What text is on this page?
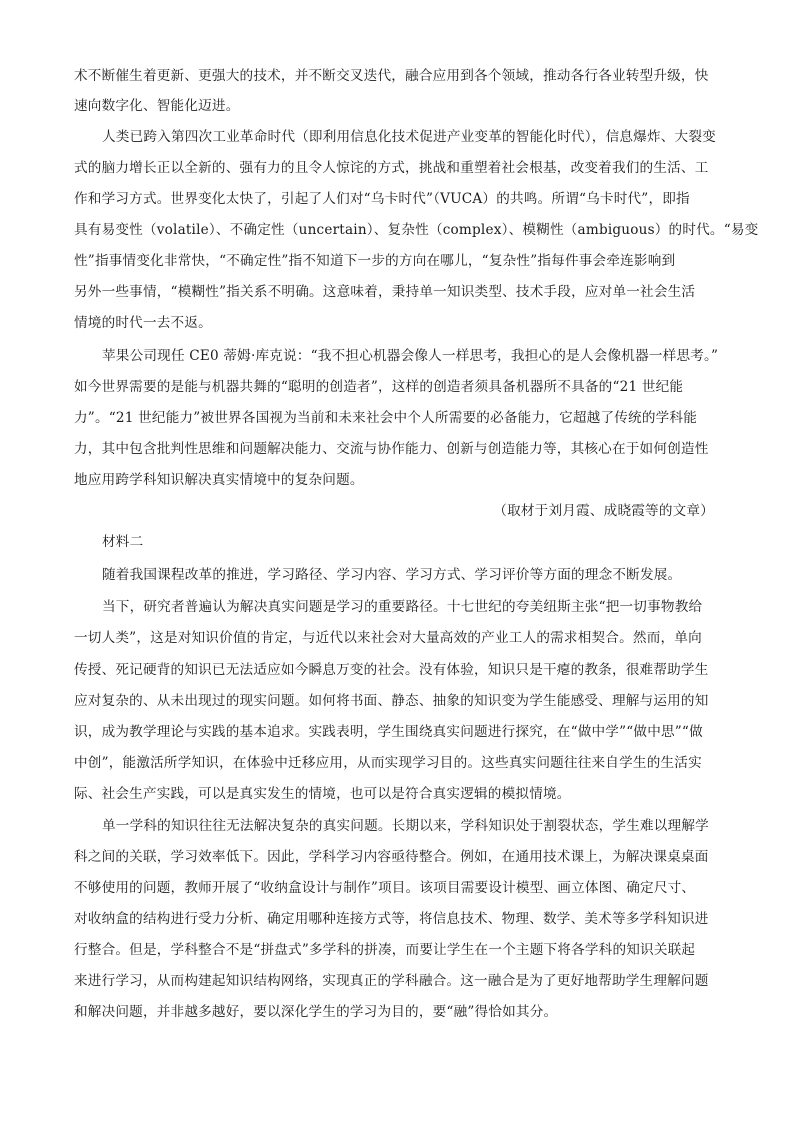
术不断催生着更新、更强大的技术，并不断交叉迭代，融合应用到各个领域，推动各行各业转型升级，快
速向数字化、智能化迈进。
人类已跨入第四次工业革命时代（即利用信息化技术促进产业变革的智能化时代），信息爆炸、大裂变
式的脑力增长正以全新的、强有力的且令人惊诧的方式，挑战和重塑着社会根基，改变着我们的生活、工
作和学习方式。世界变化太快了，引起了人们对“乌卡时代”（VUCA）的共鸣。所谓“乌卡时代”，即指
具有易变性（volatile）、不确定性（uncertain）、复杂性（complex）、模糊性（ambiguous）的时代。“易变
性”指事情变化非常快，“不确定性”指不知道下一步的方向在哪儿，“复杂性”指每件事会牵连影响到
另外一些事情，“模糊性”指关系不明确。这意味着，秉持单一知识类型、技术手段，应对单一社会生活
情境的时代一去不返。
苹果公司现任 CE0 蒂姆·库克说：“我不担心机器会像人一样思考，我担心的是人会像机器一样思考。”
如今世界需要的是能与机器共舞的“聪明的创造者”，这样的创造者须具备机器所不具备的“21 世纪能
力”。“21 世纪能力”被世界各国视为当前和未来社会中个人所需要的必备能力，它超越了传统的学科能
力，其中包含批判性思维和问题解决能力、交流与协作能力、创新与创造能力等，其核心在于如何创造性
地应用跨学科知识解决真实情境中的复杂问题。
（取材于刘月霞、成晓霞等的文章）
材料二
随着我国课程改革的推进，学习路径、学习内容、学习方式、学习评价等方面的理念不断发展。
当下，研究者普遍认为解决真实问题是学习的重要路径。十七世纪的夸美纽斯主张“把一切事物教给
一切人类”，这是对知识价值的肯定，与近代以来社会对大量高效的产业工人的需求相契合。然而，单向
传授、死记硬背的知识已无法适应如今瞬息万变的社会。没有体验，知识只是干瘪的教条，很难帮助学生
应对复杂的、从未出现过的现实问题。如何将书面、静态、抽象的知识变为学生能感受、理解与运用的知
识，成为教学理论与实践的基本追求。实践表明，学生围绕真实问题进行探究，在“做中学”“做中思”“做
中创”，能激活所学知识，在体验中迁移应用，从而实现学习目的。这些真实问题往往来自学生的生活实
际、社会生产实践，可以是真实发生的情境，也可以是符合真实逻辑的模拟情境。
单一学科的知识往往无法解决复杂的真实问题。长期以来，学科知识处于割裂状态，学生难以理解学
科之间的关联，学习效率低下。因此，学科学习内容亟待整合。例如，在通用技术课上，为解决课桌桌面
不够使用的问题，教师开展了“收纳盒设计与制作”项目。该项目需要设计模型、画立体图、确定尺寸、
对收纳盒的结构进行受力分析、确定用哪种连接方式等，将信息技术、物理、数学、美术等多学科知识进
行整合。但是，学科整合不是“拼盘式”多学科的拼凑，而要让学生在一个主题下将各学科的知识关联起
来进行学习，从而构建起知识结构网络，实现真正的学科融合。这一融合是为了更好地帮助学生理解问题
和解决问题，并非越多越好，要以深化学生的学习为目的，要“融”得恰如其分。
